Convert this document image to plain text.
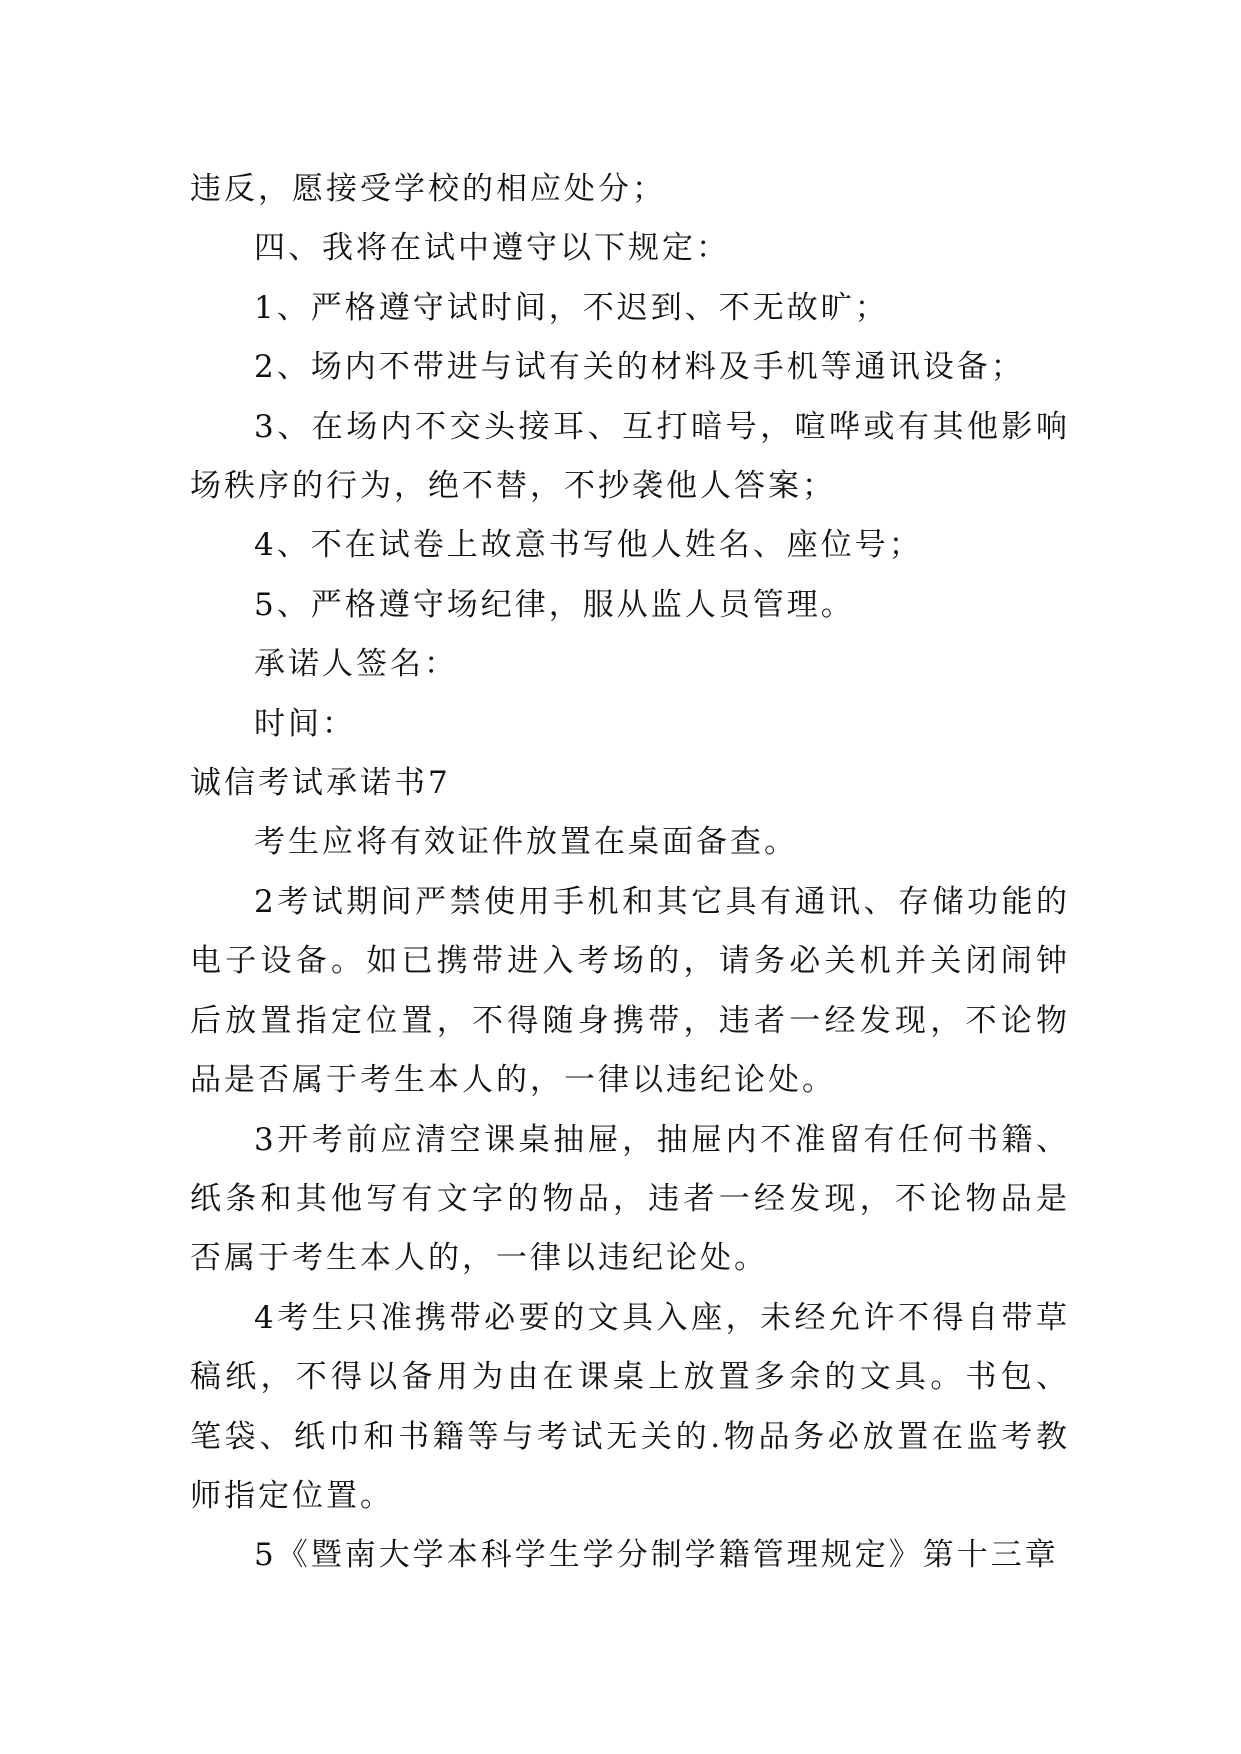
违反，愿接受学校的相应处分；

四、我将在试中遵守以下规定：

1、严格遵守试时间，不迟到、不无故旷；

2、场内不带进与试有关的材料及手机等通讯设备；

3、在场内不交头接耳、互打暗号，喧哗或有其他影响场秩序的行为，绝不替，不抄袭他人答案；

4、不在试卷上故意书写他人姓名、座位号；

5、严格遵守场纪律，服从监人员管理。

承诺人签名：

时间：

诚信考试承诺书7

考生应将有效证件放置在桌面备查。

2考试期间严禁使用手机和其它具有通讯、存储功能的电子设备。如已携带进入考场的，请务必关机并关闭闹钟后放置指定位置，不得随身携带，违者一经发现，不论物品是否属于考生本人的，一律以违纪论处。

3开考前应清空课桌抽屉，抽屉内不准留有任何书籍、纸条和其他写有文字的物品，违者一经发现，不论物品是否属于考生本人的，一律以违纪论处。

4考生只准携带必要的文具入座，未经允许不得自带草稿纸，不得以备用为由在课桌上放置多余的文具。书包、笔袋、纸巾和书籍等与考试无关的.物品务必放置在监考教师指定位置。

5《暨南大学本科学生学分制学籍管理规定》第十三章
